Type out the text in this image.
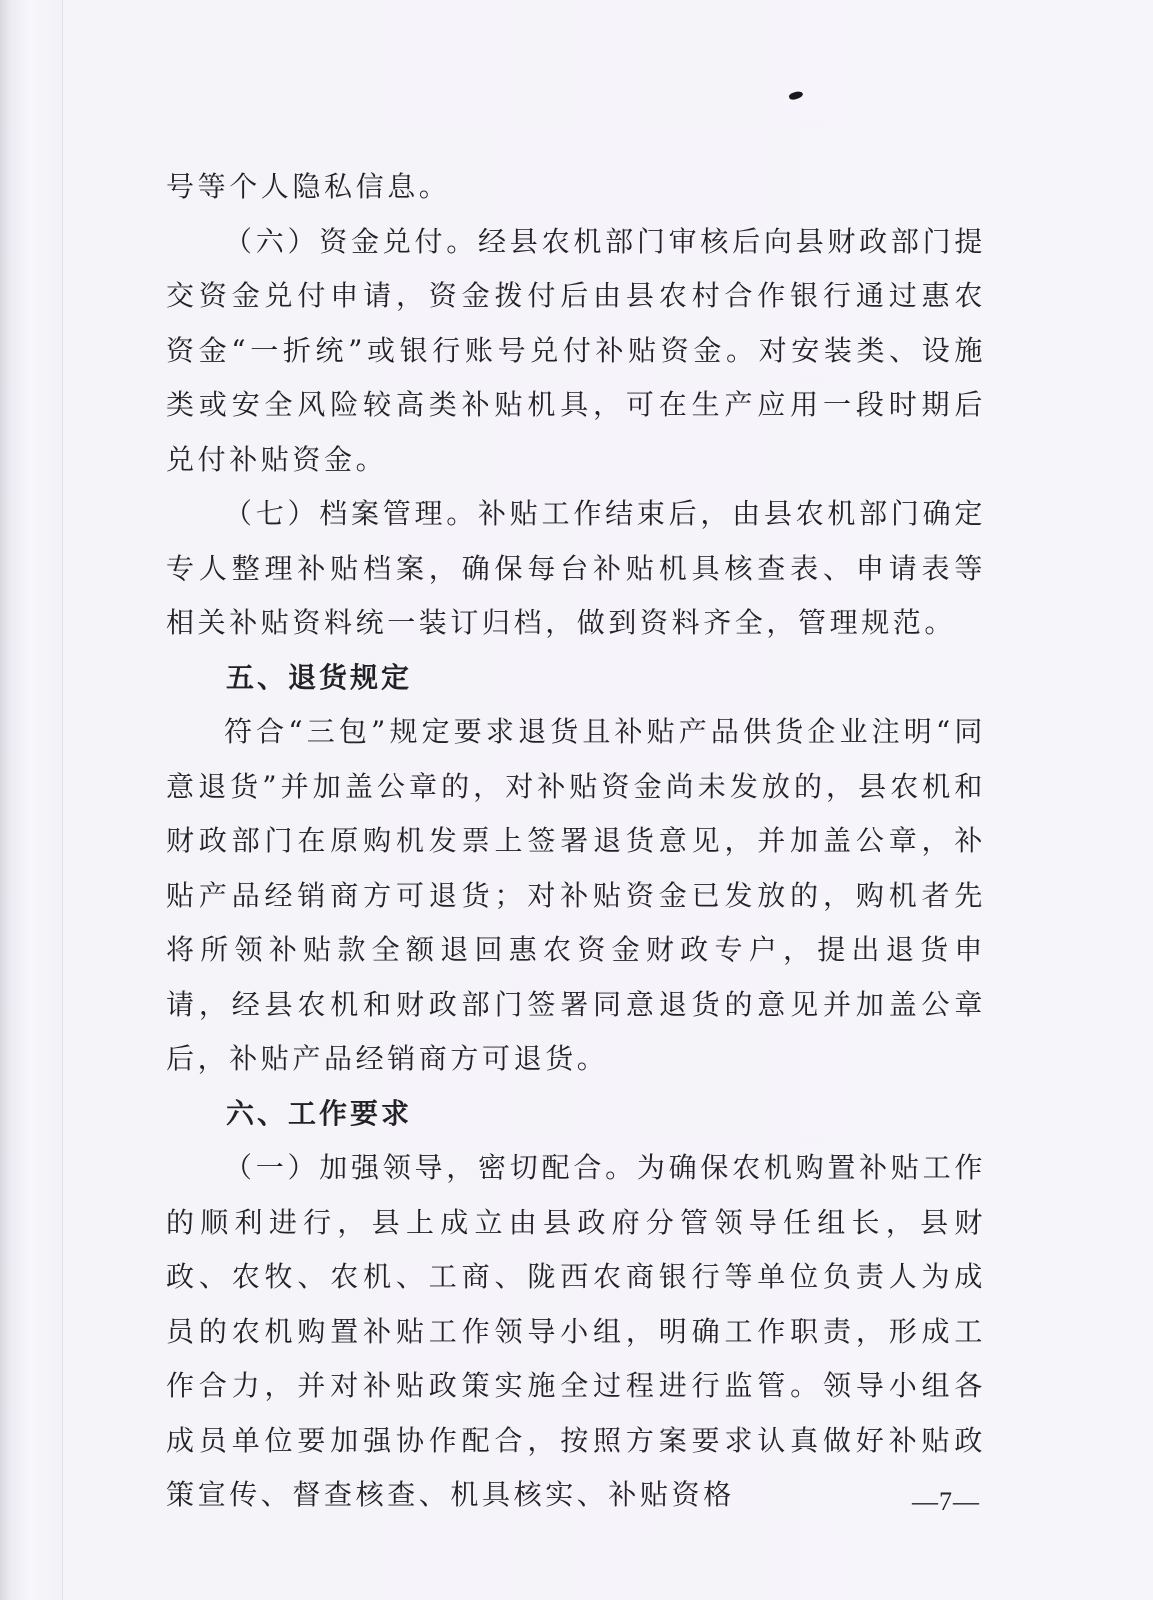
号等个人隐私信息。

（六）资金兑付。经县农机部门审核后向县财政部门提交资金兑付申请，资金拨付后由县农村合作银行通过惠农资金“一折统”或银行账号兑付补贴资金。对安装类、设施类或安全风险较高类补贴机具，可在生产应用一段时期后兑付补贴资金。

（七）档案管理。补贴工作结束后，由县农机部门确定专人整理补贴档案，确保每台补贴机具核查表、申请表等相关补贴资料统一装订归档，做到资料齐全，管理规范。

五、退货规定

符合“三包”规定要求退货且补贴产品供货企业注明“同意退货”并加盖公章的，对补贴资金尚未发放的，县农机和财政部门在原购机发票上签署退货意见，并加盖公章，补贴产品经销商方可退货；对补贴资金已发放的，购机者先将所领补贴款全额退回惠农资金财政专户，提出退货申请，经县农机和财政部门签署同意退货的意见并加盖公章后，补贴产品经销商方可退货。

六、工作要求

（一）加强领导，密切配合。为确保农机购置补贴工作的顺利进行，县上成立由县政府分管领导任组长，县财政、农牧、农机、工商、陇西农商银行等单位负责人为成员的农机购置补贴工作领导小组，明确工作职责，形成工作合力，并对补贴政策实施全过程进行监管。领导小组各成员单位要加强协作配合，按照方案要求认真做好补贴政策宣传、督查核查、机具核实、补贴资格	—7—
